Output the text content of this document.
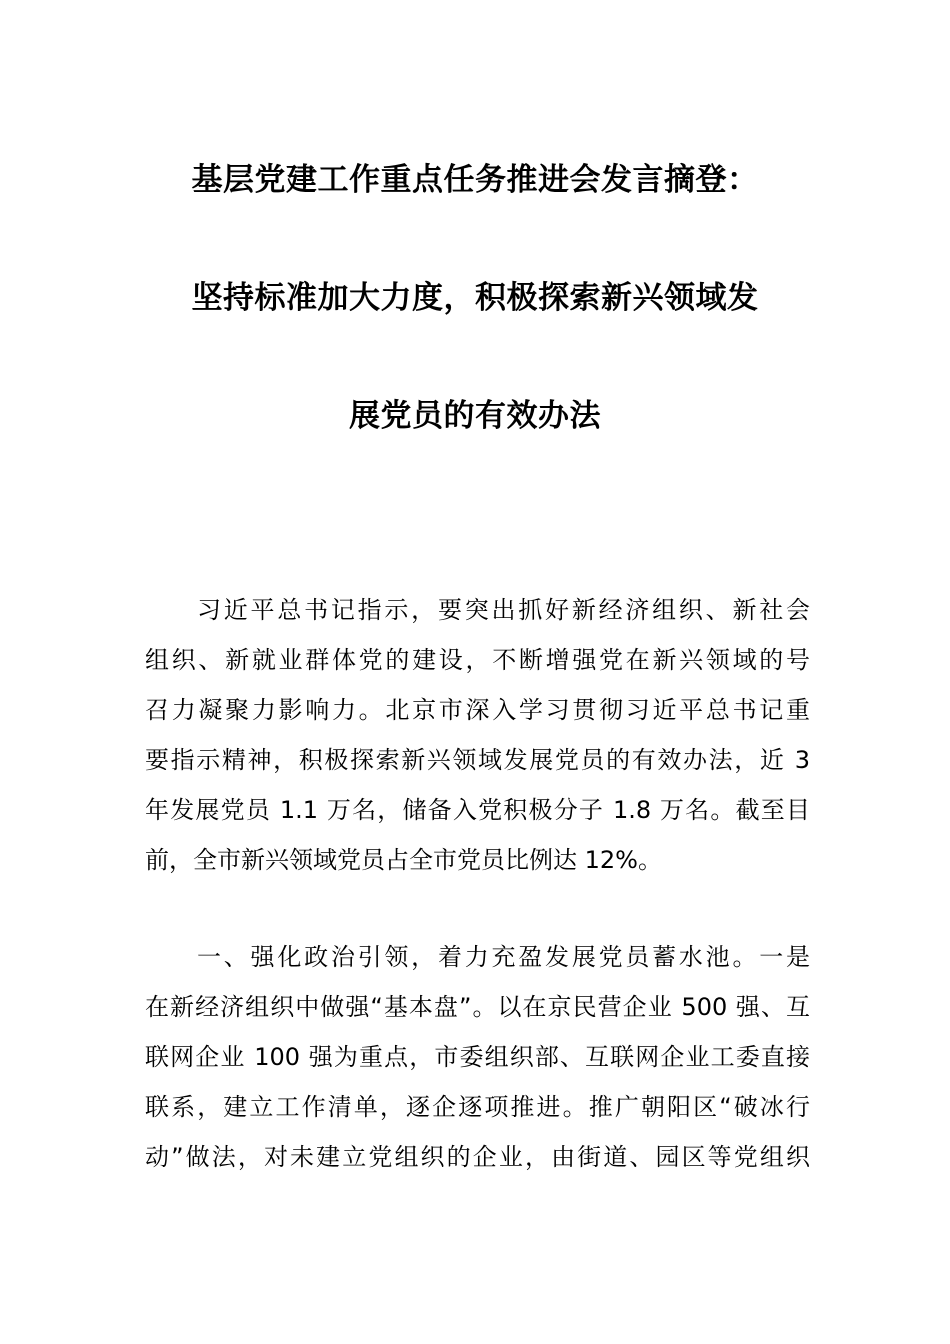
基层党建工作重点任务推进会发言摘登：
坚持标准加大力度，积极探索新兴领域发
展党员的有效办法
习近平总书记指示，要突出抓好新经济组织、新社会
组织、新就业群体党的建设，不断增强党在新兴领域的号
召力凝聚力影响力。北京市深入学习贯彻习近平总书记重
要指示精神，积极探索新兴领域发展党员的有效办法，近 3
年发展党员 1.1 万名，储备入党积极分子 1.8 万名。截至目
前，全市新兴领域党员占全市党员比例达 12%。
一、强化政治引领，着力充盈发展党员蓄水池。一是
在新经济组织中做强“基本盘”。以在京民营企业 500 强、互
联网企业 100 强为重点，市委组织部、互联网企业工委直接
联系，建立工作清单，逐企逐项推进。推广朝阳区“破冰行
动”做法，对未建立党组织的企业，由街道、园区等党组织
